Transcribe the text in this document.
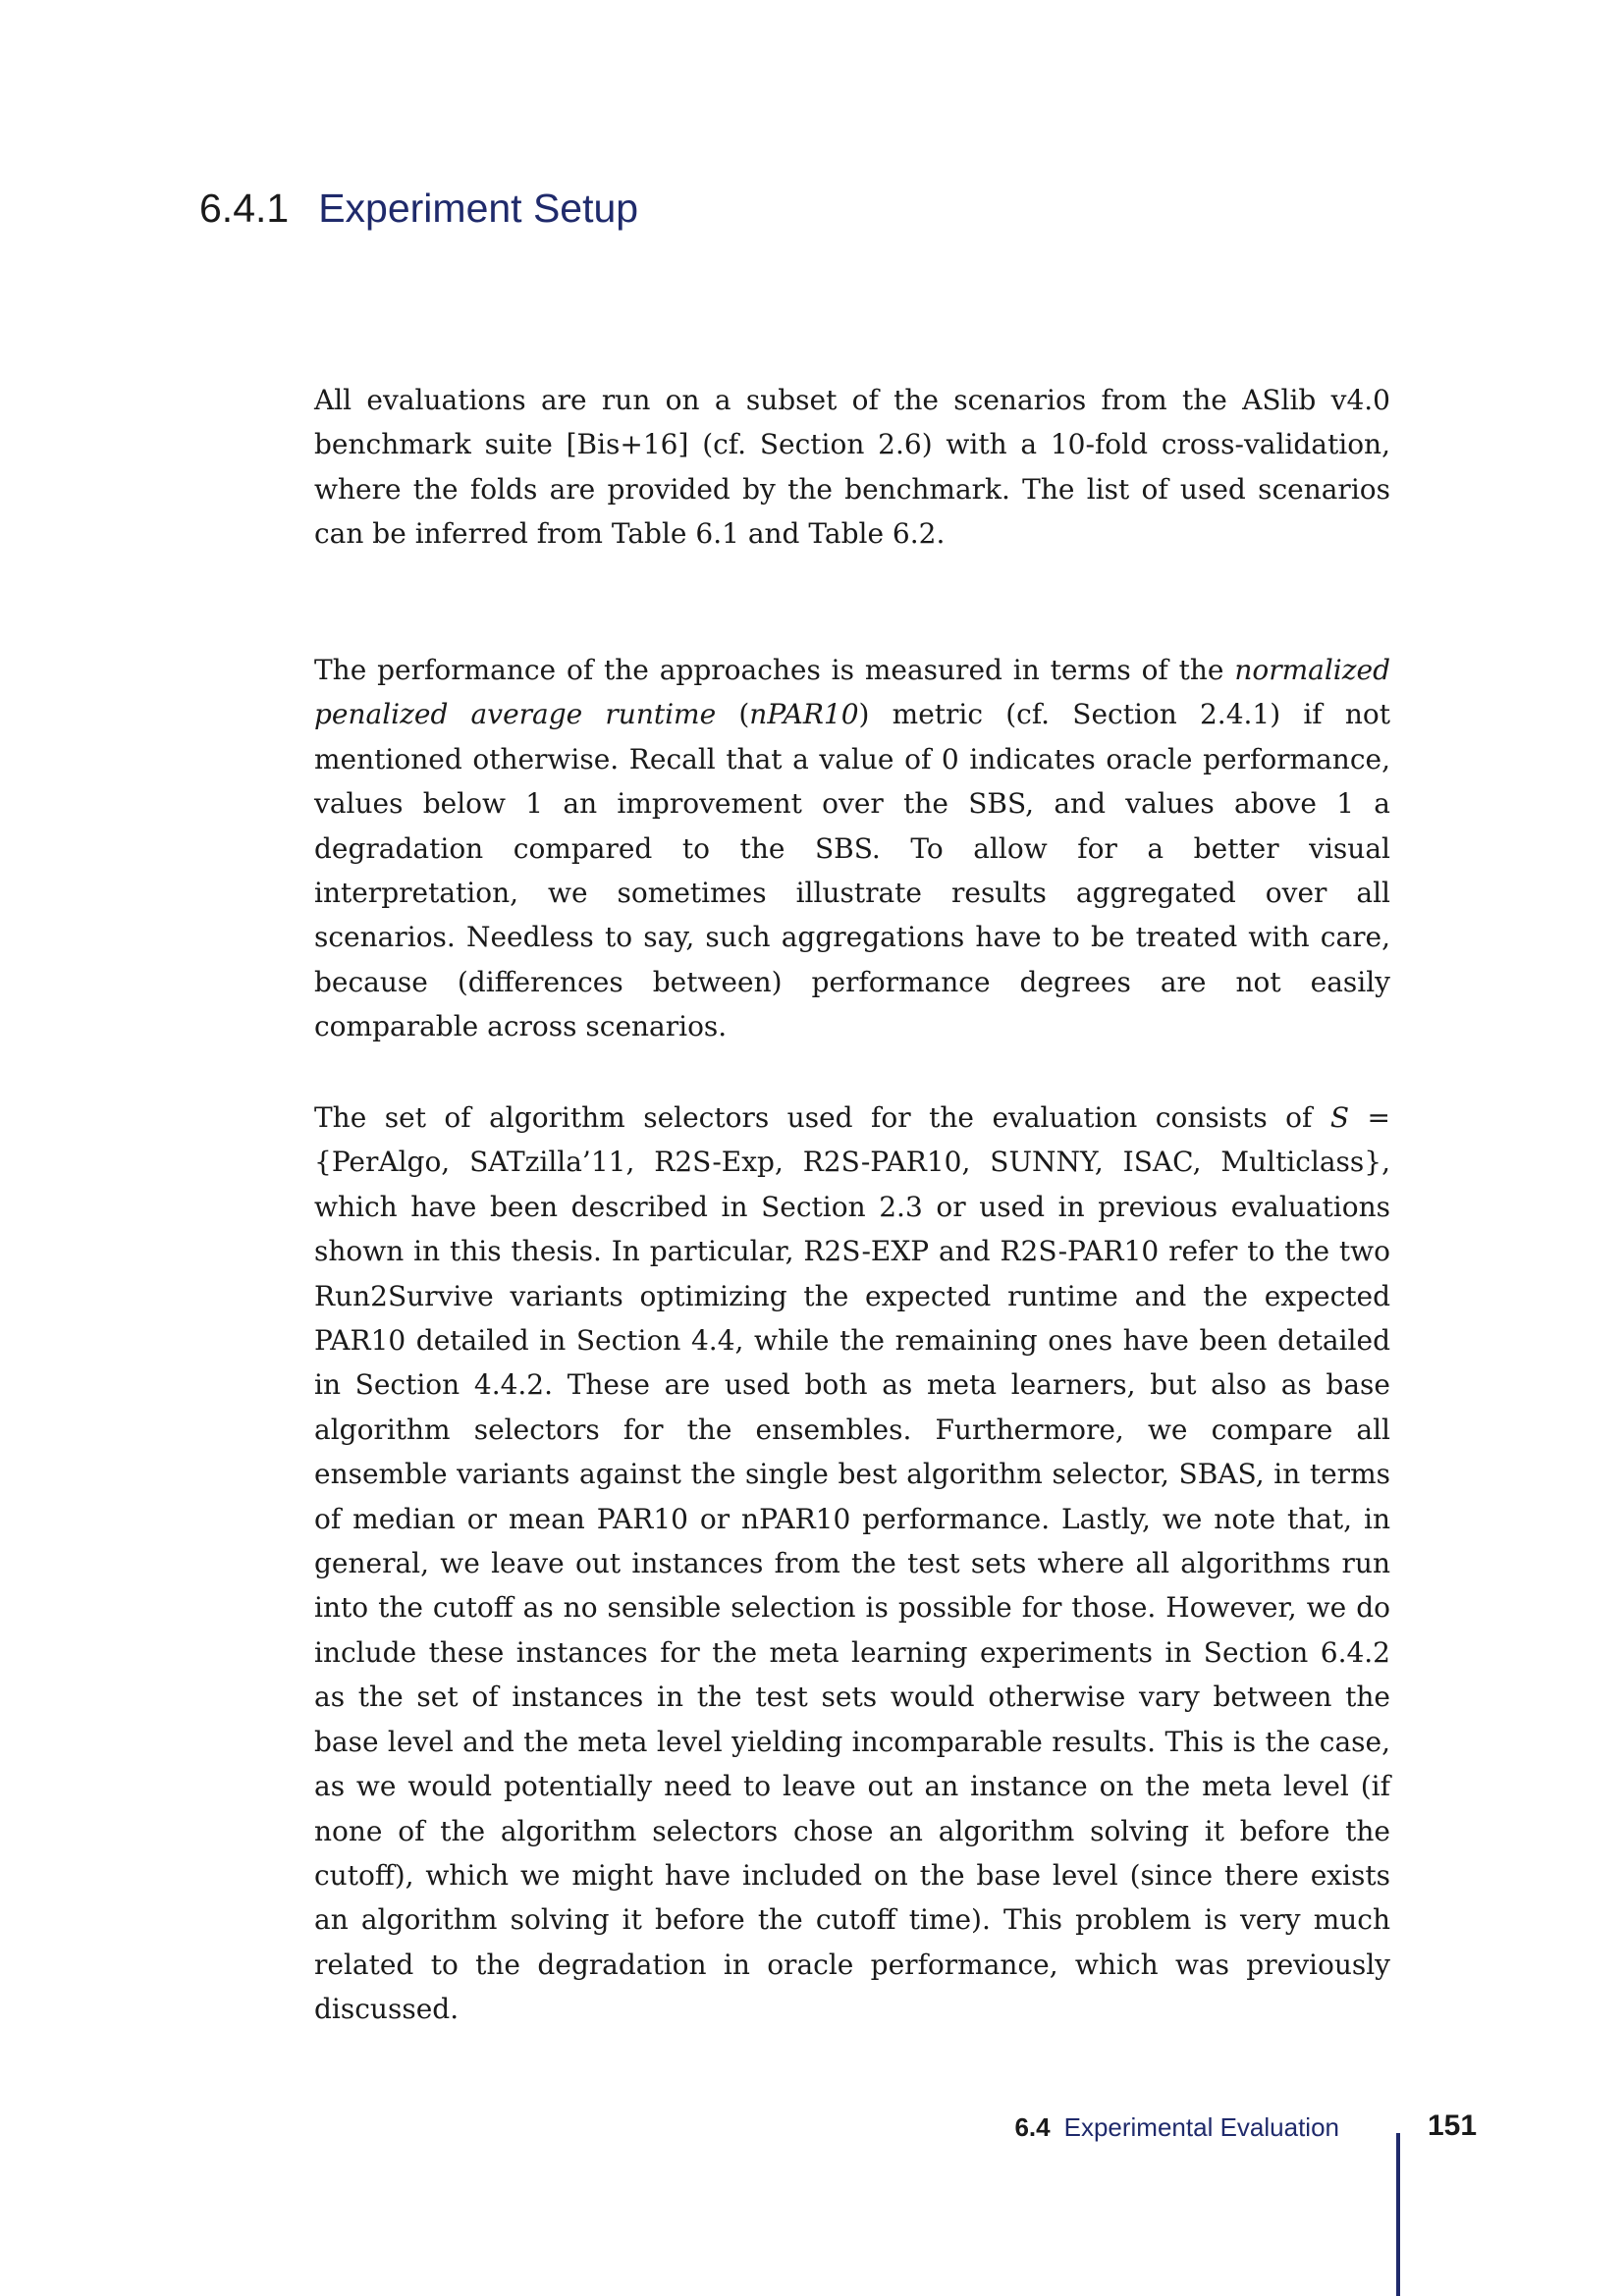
6.4.1 Experiment Setup

All evaluations are run on a subset of the scenarios from the ASlib v4.0 benchmark suite [Bis+16] (cf. Section 2.6) with a 10-fold cross-validation, where the folds are provided by the benchmark. The list of used scenarios can be inferred from Table 6.1 and Table 6.2.

The performance of the approaches is measured in terms of the normalized penalized average runtime (nPAR10) metric (cf. Section 2.4.1) if not mentioned otherwise. Recall that a value of 0 indicates oracle performance, values below 1 an improvement over the SBS, and values above 1 a degradation compared to the SBS. To allow for a better visual interpretation, we sometimes illustrate results aggregated over all scenarios. Needless to say, such aggregations have to be treated with care, because (differences between) performance degrees are not easily comparable across scenarios.

The set of algorithm selectors used for the evaluation consists of S = {PerAlgo, SATzilla’11, R2S-Exp, R2S-PAR10, SUNNY, ISAC, Multiclass}, which have been described in Section 2.3 or used in previous evaluations shown in this thesis. In particular, R2S-EXP and R2S-PAR10 refer to the two Run2Survive variants optimizing the expected runtime and the expected PAR10 detailed in Section 4.4, while the remaining ones have been detailed in Section 4.4.2. These are used both as meta learners, but also as base algorithm selectors for the ensembles. Furthermore, we compare all ensemble variants against the single best algorithm selector, SBAS, in terms of median or mean PAR10 or nPAR10 performance. Lastly, we note that, in general, we leave out instances from the test sets where all algorithms run into the cutoff as no sensible selection is possible for those. However, we do include these instances for the meta learning experiments in Section 6.4.2 as the set of instances in the test sets would otherwise vary between the base level and the meta level yielding incomparable results. This is the case, as we would potentially need to leave out an instance on the meta level (if none of the algorithm selectors chose an algorithm solving it before the cutoff), which we might have included on the base level (since there exists an algorithm solving it before the cutoff time). This problem is very much related to the degradation in oracle performance, which was previously discussed.

6.4 Experimental Evaluation	151
